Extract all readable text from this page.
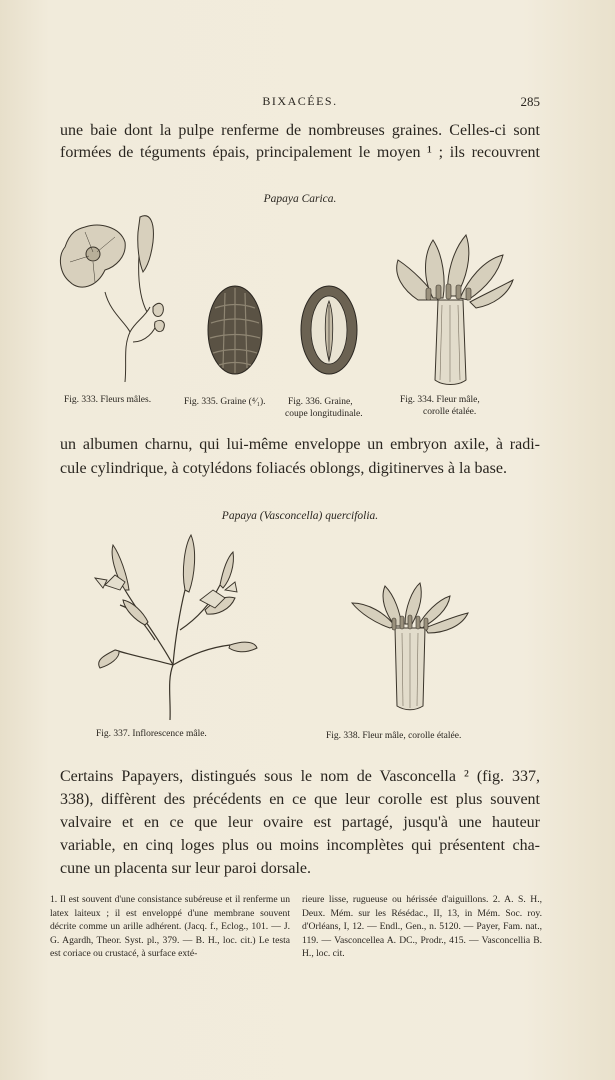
BIXACÉES.	285
une baie dont la pulpe renferme de nombreuses graines. Celles-ci sont
formées de téguments épais, principalement le moyen ¹ ; ils recouvrent
Papaya Carica.
Fig. 333. Fleurs mâles.	Fig. 335. Graine (⁴⁄₁). Fig. 336. Graine,
coupe longitudinale.
Fig. 334. Fleur mâle,
corolle étalée.
un albumen charnu, qui lui-même enveloppe un embryon axile, à radi-
cule cylindrique, à cotylédons foliacés oblongs, digitinerves à la base.
Papaya (Vasconcella) quercifolia.
Fig. 337. Inflorescence mâle.	Fig. 338. Fleur mâle, corolle étalée.
Certains Papayers, distingués sous le nom de Vasconcella ² (fig. 337,
338), diffèrent des précédents en ce que leur corolle est plus souvent
valvaire et en ce que leur ovaire est partagé, jusqu'à une hauteur
variable, en cinq loges plus ou moins incomplètes qui présentent cha-
cune un placenta sur leur paroi dorsale.

1. Il est souvent d'une consistance subéreuse et il renferme un latex laiteux ; il est enveloppé d'une membrane souvent décrite comme un arille adhérent. (Jacq. f., Eclog., 101. — J. G. Agardh, Theor. Syst. pl., 379. — B. H., loc. cit.) Le testa est coriace ou crustacé, à surface exté-

rieure lisse, rugueuse ou hérissée d'aiguillons. 2. A. S. H., Deux. Mém. sur les Résédac., II, 13, in Mém. Soc. roy. d'Orléans, I, 12. — Endl., Gen., n. 5120. — Payer, Fam. nat., 119. — Vasconcellea A. DC., Prodr., 415. — Vasconcellia B. H., loc. cit.
